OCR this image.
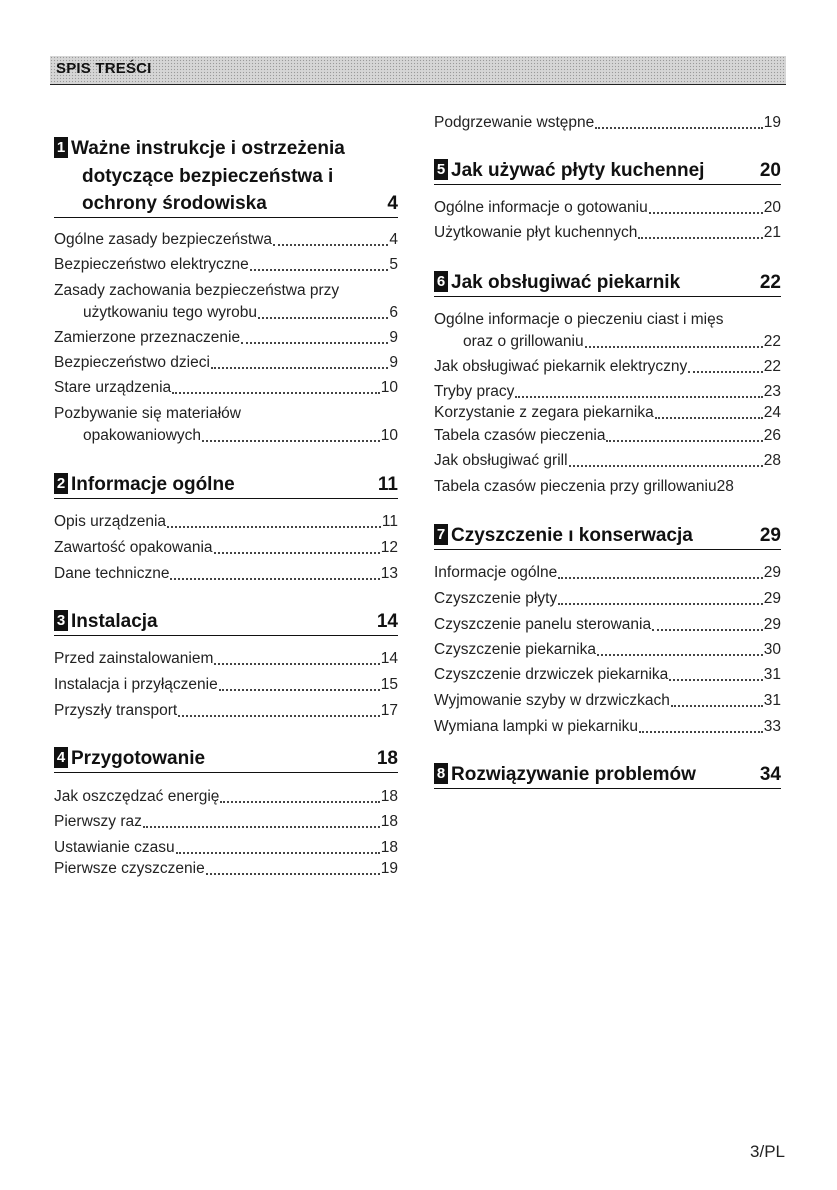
SPIS TREŚCI
1 Ważne instrukcje i ostrzeżenia
dotyczące bezpieczeństwa i
ochrony środowiska	4
Ogólne zasady bezpieczeństwa	4
Bezpieczeństwo elektryczne	5
Zasady zachowania bezpieczeństwa przy
użytkowaniu tego wyrobu	6
Zamierzone przeznaczenie	9
Bezpieczeństwo dzieci	9
Stare urządzenia	10
Pozbywanie się materiałów
opakowaniowych	10
2 Informacje ogólne	11
Opis urządzenia	11
Zawartość opakowania	12
Dane techniczne	13
3 Instalacja	14
Przed zainstalowaniem	14
Instalacja i przyłączenie	15
Przyszły transport	17
4 Przygotowanie	18
Jak oszczędzać energię	18
Pierwszy raz	18
Ustawianie czasu	18
Pierwsze czyszczenie	19
Podgrzewanie wstępne	19
5 Jak używać płyty kuchennej	20
Ogólne informacje o gotowaniu	20
Użytkowanie płyt kuchennych	21
6 Jak obsługiwać piekarnik	22
Ogólne informacje o pieczeniu ciast i mięs
oraz o grillowaniu	22
Jak obsługiwać piekarnik elektryczny	22
Tryby pracy	23
Korzystanie z zegara piekarnika	24
Tabela czasów pieczenia	26
Jak obsługiwać grill	28
Tabela czasów pieczenia przy grillowaniu 28
7 Czyszczenie ı konserwacja	29
Informacje ogólne	29
Czyszczenie płyty	29
Czyszczenie panelu sterowania	29
Czyszczenie piekarnika	30
Czyszczenie drzwiczek piekarnika	31
Wyjmowanie szyby w drzwiczkach	31
Wymiana lampki w piekarniku	33
8 Rozwiązywanie problemów	34
3/PL
